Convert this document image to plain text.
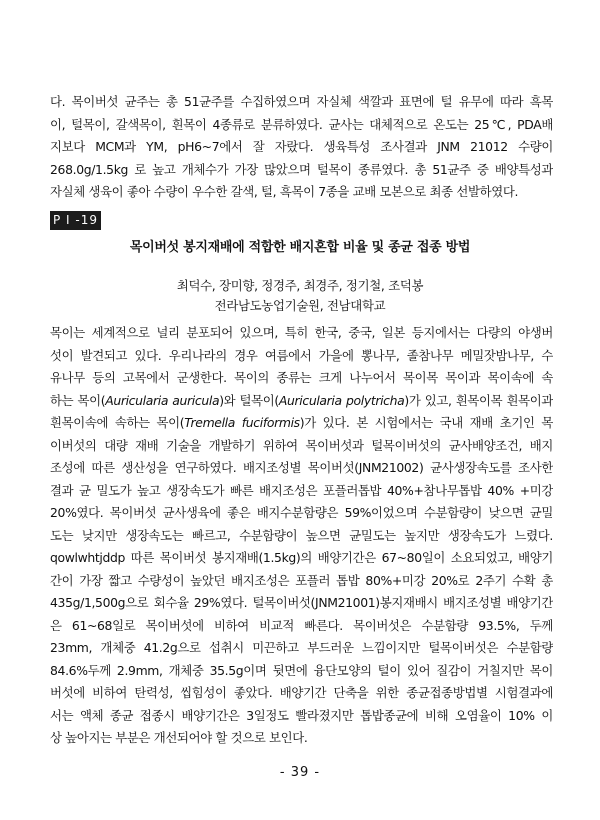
다. 목이버섯 균주는 총 51균주를 수집하였으며 자실체 색깔과 표면에 털 유무에 따라 흑목
이, 털목이, 갈색목이, 흰목이 4종류로 분류하였다. 균사는 대체적으로 온도는 25℃, PDA배
지보다 MCM과 YM, pH6~7에서 잘 자랐다. 생육특성 조사결과 JNM 21012 수량이
268.0g/1.5kg 로 높고 개체수가 가장 많았으며 털목이 종류였다. 총 51균주 중 배양특성과
자실체 생육이 좋아 수량이 우수한 갈색, 털, 흑목이 7종을 교배 모본으로 최종 선발하였다.
P I -19
목이버섯 봉지재배에 적합한 배지혼합 비율 및 종균 접종 방법
최덕수, 장미향, 정경주, 최경주, 정기철, 조덕봉
전라남도농업기술원, 전남대학교
목이는 세계적으로 널리 분포되어 있으며, 특히 한국, 중국, 일본 등지에서는 다량의 야생버
섯이 발견되고 있다. 우리나라의 경우 여름에서 가을에 뽕나무, 졸참나무 메밀잣밤나무, 수
유나무 등의 고목에서 군생한다. 목이의 종류는 크게 나누어서 목이목 목이과 목이속에 속
하는 목이(Auricularia auricula)와 털목이(Auricularia polytricha)가 있고, 흰목이목 흰목이과
흰목이속에 속하는 목이(Tremella fuciformis)가 있다. 본 시험에서는 국내 재배 초기인 목
이버섯의 대량 재배 기술을 개발하기 위하여 목이버섯과 털목이버섯의 균사배양조건, 배지
조성에 따른 생산성을 연구하였다. 배지조성별 목이버섯(JNM21002) 균사생장속도를 조사한
결과 균 밀도가 높고 생장속도가 빠른 배지조성은 포플러톱밥 40%+참나무톱밥 40% +미강
20%였다. 목이버섯 균사생육에 좋은 배지수분함량은 59%이었으며 수분함량이 낮으면 균밀
도는 낮지만 생장속도는 빠르고, 수분함량이 높으면 균밀도는 높지만 생장속도가 느렸다.
qowlwhtjddp 따른 목이버섯 봉지재배(1.5kg)의 배양기간은 67~80일이 소요되었고, 배양기
간이 가장 짧고 수량성이 높았던 배지조성은 포플러 톱밥 80%+미강 20%로 2주기 수확 총
435g/1,500g으로 회수율 29%였다. 털목이버섯(JNM21001)봉지재배시 배지조성별 배양기간
은 61~68일로 목이버섯에 비하여 비교적 빠른다. 목이버섯은 수분함량 93.5%, 두께
23mm, 개체중 41.2g으로 섭취시 미끈하고 부드러운 느낌이지만 털목이버섯은 수분함량
84.6%두께 2.9mm, 개체중 35.5g이며 뒷면에 융단모양의 털이 있어 질감이 거칠지만 목이
버섯에 비하여 탄력성, 씹힘성이 좋았다. 배양기간 단축을 위한 종균접종방법별 시험결과에
서는 액체 종균 접종시 배양기간은 3일정도 빨라졌지만 톱밥종균에 비해 오염율이 10% 이
상 높아지는 부분은 개선되어야 할 것으로 보인다.
- 39 -
